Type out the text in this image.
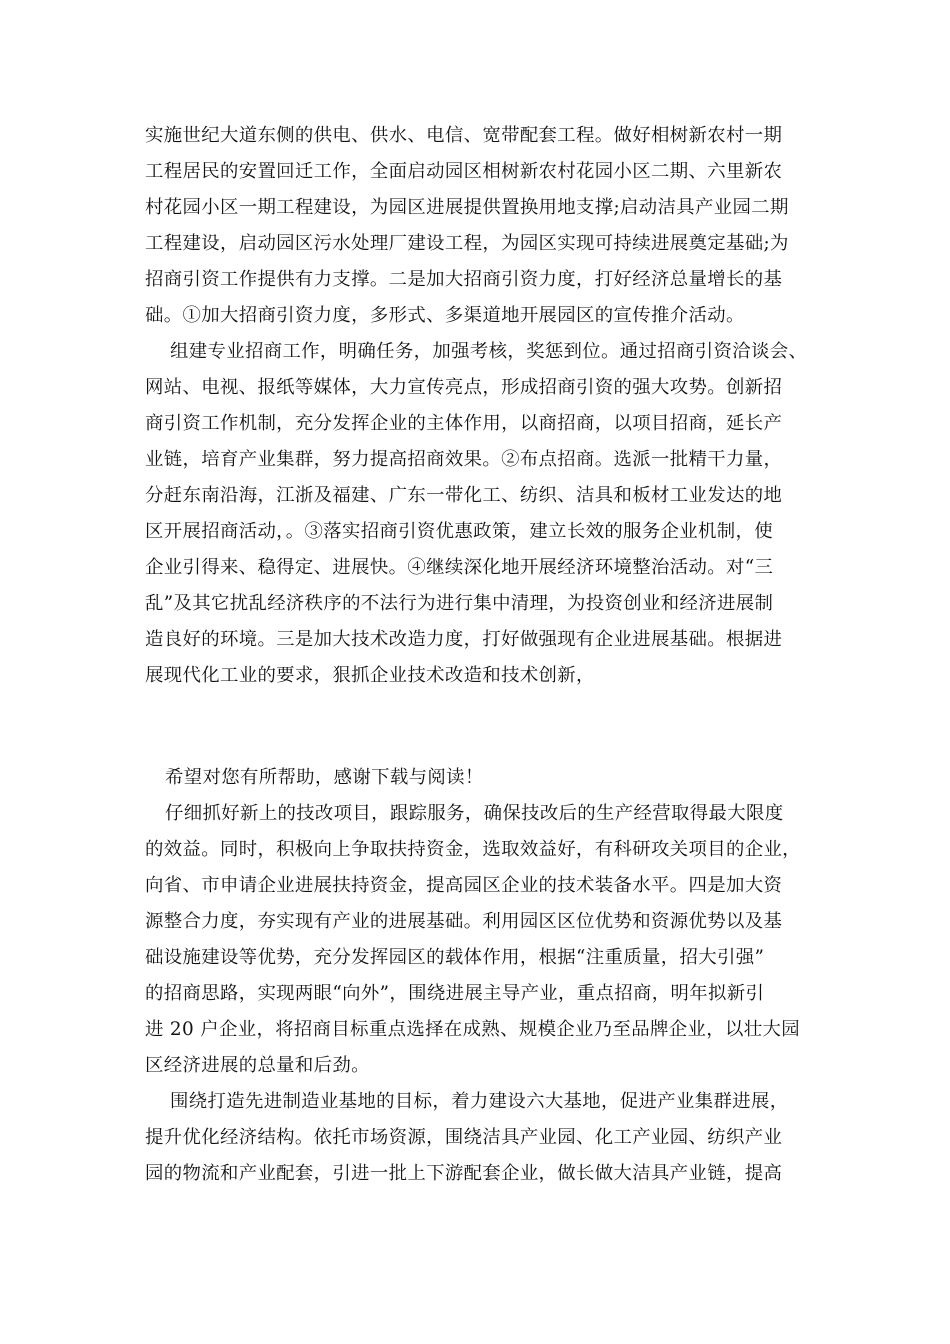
实施世纪大道东侧的供电、供水、电信、宽带配套工程。做好相树新农村一期
工程居民的安置回迁工作，全面启动园区相树新农村花园小区二期、六里新农
村花园小区一期工程建设，为园区进展提供置换用地支撑;启动洁具产业园二期
工程建设，启动园区污水处理厂建设工程，为园区实现可持续进展奠定基础;为
招商引资工作提供有力支撑。二是加大招商引资力度，打好经济总量增长的基
础。①加大招商引资力度，多形式、多渠道地开展园区的宣传推介活动。
组建专业招商工作，明确任务，加强考核，奖惩到位。通过招商引资洽谈会、
网站、电视、报纸等媒体，大力宣传亮点，形成招商引资的强大攻势。创新招
商引资工作机制，充分发挥企业的主体作用，以商招商，以项目招商，延长产
业链，培育产业集群，努力提高招商效果。②布点招商。选派一批精干力量，
分赶东南沿海，江浙及福建、广东一带化工、纺织、洁具和板材工业发达的地
区开展招商活动，。③落实招商引资优惠政策，建立长效的服务企业机制，使
企业引得来、稳得定、进展快。④继续深化地开展经济环境整治活动。对“三
乱”及其它扰乱经济秩序的不法行为进行集中清理，为投资创业和经济进展制
造良好的环境。三是加大技术改造力度，打好做强现有企业进展基础。根据进
展现代化工业的要求，狠抓企业技术改造和技术创新，
希望对您有所帮助，感谢下载与阅读！
仔细抓好新上的技改项目，跟踪服务，确保技改后的生产经营取得最大限度
的效益。同时，积极向上争取扶持资金，选取效益好，有科研攻关项目的企业，
向省、市申请企业进展扶持资金，提高园区企业的技术装备水平。四是加大资
源整合力度，夯实现有产业的进展基础。利用园区区位优势和资源优势以及基
础设施建设等优势，充分发挥园区的载体作用，根据“注重质量，招大引强”
的招商思路，实现两眼“向外”，围绕进展主导产业，重点招商，明年拟新引
进 20 户企业，将招商目标重点选择在成熟、规模企业乃至品牌企业，以壮大园
区经济进展的总量和后劲。
围绕打造先进制造业基地的目标，着力建设六大基地，促进产业集群进展，
提升优化经济结构。依托市场资源，围绕洁具产业园、化工产业园、纺织产业
园的物流和产业配套，引进一批上下游配套企业，做长做大洁具产业链，提高
